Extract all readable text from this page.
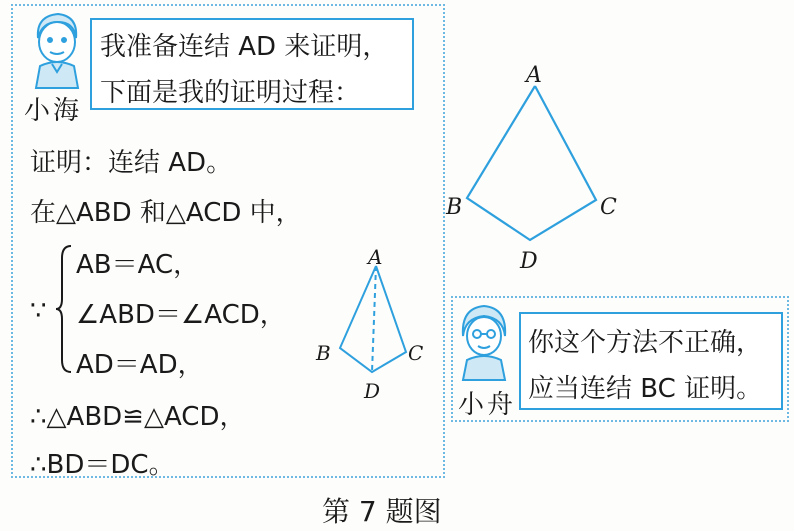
小海
我准备连结 AD 来证明，
下面是我的证明过程：
证明：连结 AD。
在△ABD 和△ACD 中，
∵
AB＝AC，
∠ABD＝∠ACD，
AD＝AD，
∴△ABD≌△ACD，
∴BD＝DC。
A
B	C
D
A
B	C
D
小舟
你这个方法不正确，
应当连结 BC 证明。
第 7 题图
